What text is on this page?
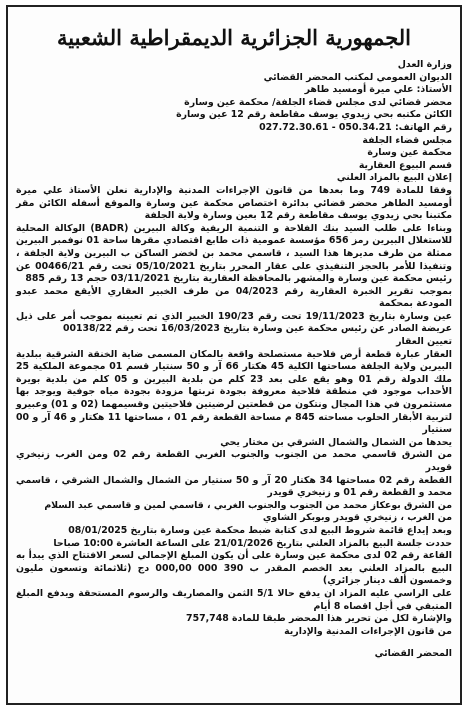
الجمهورية الجزائرية الديمقراطية الشعبية

وزارة العدل

الديوان العمومي لمكتب المحضر القضائي

الأستاذ: علي ميرة أومسيد طاهر

محضر قضائي لدى مجلس قضاء الجلفة/ محكمة عين وسارة

الكائن مكتبه بحي زيدوي يوسف مقاطعة رقم 12 عين وسارة

رقم الهاتف: 050.34.21 - 027.72.30.61

مجلس قضاء الجلفة

محكمة عين وسارة

قسم البيوع العقارية

إعلان البيع بالمزاد العلني

وفقا للمادة 749 وما بعدها من قانون الإجراءات المدنية والإدارية نعلن الأستاذ علي ميرة أومسيد الطاهر محضر قضائي بدائرة اختصاص محكمة عين وسارة والموقع أسفله الكائن مقر مكتبنا بحي زيدوي يوسف مقاطعة رقم 12 بعين وسارة ولاية الجلفة

وبناءا على طلب السيد بنك الفلاحة و التنمية الريفية وكالة البيرين (BADR) الوكالة المحلية للاستغلال البيرين رمز 656 مؤسسة عمومية ذات طابع اقتصادي مقرها ساحة 01 نوفمبر البيرين ممثلة من طرف مديرها هذا السيد ، قاسمي محمد بن لخضر الساكن ب البيرين ولاية الجلفة ، وتنفيذا للأمر بالحجز التنفيذي على عقار المحرر بتاريخ 05/10/2021 تحت رقم 00466/21 عن رئيس محكمة عين وسارة والمشهر بالمحافظة العقارية بتاريخ 03/11/2021 حجم 13 رقم 885

بموجب تقرير الخبرة العقارية رقم 04/2023 من طرف الخبير العقاري الأيقع محمد عبدو المودعة بمحكمة

عين وسارة بتاريخ 19/11/2023 تحت رقم 190/23 الخبير الذي تم تعيينه بموجب أمر على ذيل عريضة الصادر عن رئيس محكمة عين وسارة بتاريخ 16/03/2023 تحت رقم 00138/22

تعيين العقار

العقار عبارة قطعة أرض فلاحية مستصلحة واقعة بالمكان المسمى ضاية الخنقة الشرقية ببلدية البيرين ولاية الجلفة مساحتها الكلية 45 هكتار 66 آر و 50 سنتيار قسم 01 مجموعة الملكية 25 ملك الدولة رقم 01 وهو يقع على بعد 23 كلم من بلدية البيرين و 05 كلم من بلدية بويرة الأحداب موجود في منطقة فلاحية معروفة بجودة تربتها مزودة بجودة مياه جوفية ويوجد بها مستثمرون في هذا المجال ونتكون من قطعتين لرضيتين فلاحيتين وقسيمهما (02 و 01) وعبيرو لتربية الأبقار الحلوب مساحته 845 م مساحة القطعة رقم 01 ، مساحتها 11 هكتار و 46 آر و 00 سنتيار

يحدها من الشمال والشمال الشرقي بن مختار يحي

من الشرق قاسمي محمد من الجنوب والجنوب الغربي القطعة رقم 02 ومن الغرب زنيخري قويدر

القطعة رقم 02 مساحتها 34 هكتار 20 آر و 50 سنتيار من الشمال والشمال الشرقي ، قاسمي محمد و القطعة رقم 01 و زنيخري قويدر

من الشرق بوعكاز محمد من الجنوب والجنوب الغربي ، قاسمي لمين و قاسمي عبد السلام

من الغرب ، زنيخري قويدر وبوبكر الشاوي

وبعد إيداع قائمة شروط البيع لدى كتابة ضبط محكمة عين وسارة بتاريخ 08/01/2025

حددت جلسة البيع بالمزاد العلني بتاريخ 21/01/2026 على الساعة العاشرة 10:00 صباحا

القاعة رقم 02 لدى محكمة عين وسارة على أن يكون المبلغ الإجمالي لسعر الافتتاح الذي يبدأ به البيع بالمزاد العلني بعد الخصم المقدر ب 390 000 000,00 دج (ثلاثمائة وتسعون مليون وخمسون ألف دينار جزائري)

على الراسي عليه المزاد ان يدفع حالا 5/1 الثمن والمصاريف والرسوم المستحقة ويدفع المبلغ المتبقي في أجل اقصاه 8 أيام

والإشارة لكل من تحرير هذا المحضر طبقا للمادة 757,748

من قانون الإجراءات المدنية والإدارية

المحضر القضائي
